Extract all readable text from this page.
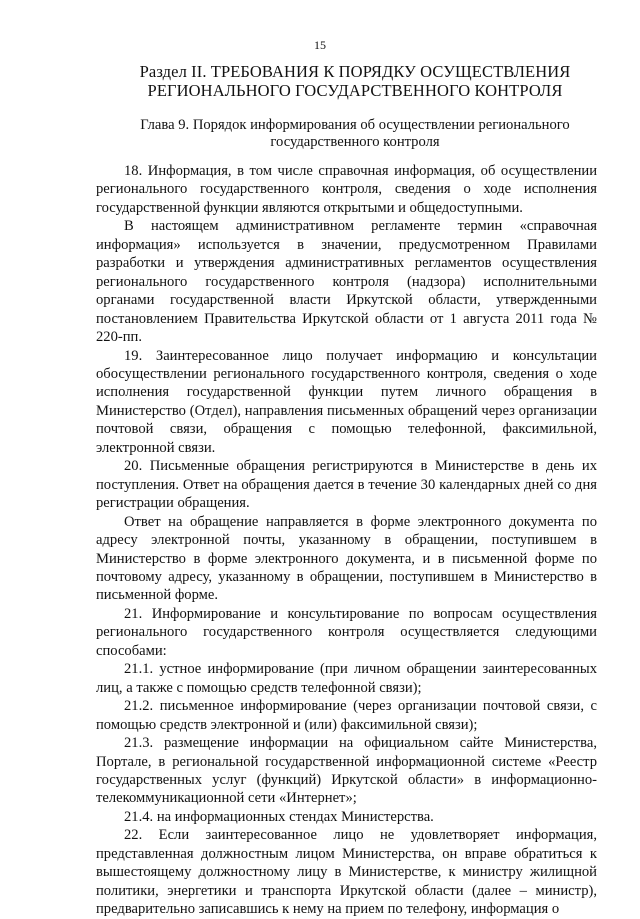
15
Раздел II. ТРЕБОВАНИЯ К ПОРЯДКУ ОСУЩЕСТВЛЕНИЯ РЕГИОНАЛЬНОГО ГОСУДАРСТВЕННОГО КОНТРОЛЯ
Глава 9. Порядок информирования об осуществлении регионального государственного контроля

18. Информация, в том числе справочная информация, об осуществлении регионального государственного контроля, сведения о ходе исполнения государственной функции являются открытыми и общедоступными.

В настоящем административном регламенте термин «справочная информация» используется в значении, предусмотренном Правилами разработки и утверждения административных регламентов осуществления регионального государственного контроля (надзора) исполнительными органами государственной власти Иркутской области, утвержденными постановлением Правительства Иркутской области от 1 августа 2011 года № 220-пп.

19. Заинтересованное лицо получает информацию и консультации обосуществлении регионального государственного контроля, сведения о ходе исполнения государственной функции путем личного обращения в Министерство (Отдел), направления письменных обращений через организации почтовой связи, обращения с помощью телефонной, факсимильной, электронной связи.

20. Письменные обращения регистрируются в Министерстве в день их поступления. Ответ на обращения дается в течение 30 календарных дней со дня регистрации обращения.

Ответ на обращение направляется в форме электронного документа по адресу электронной почты, указанному в обращении, поступившем в Министерство в форме электронного документа, и в письменной форме по почтовому адресу, указанному в обращении, поступившем в Министерство в письменной форме.

21. Информирование и консультирование по вопросам осуществления регионального государственного контроля осуществляется следующими способами:

21.1. устное информирование (при личном обращении заинтересованных лиц, а также с помощью средств телефонной связи);

21.2. письменное информирование (через организации почтовой связи, с помощью средств электронной и (или) факсимильной связи);

21.3. размещение информации на официальном сайте Министерства, Портале, в региональной государственной информационной системе «Реестр государственных услуг (функций) Иркутской области» в информационно-телекоммуникационной сети «Интернет»;

21.4. на информационных стендах Министерства.

22. Если заинтересованное лицо не удовлетворяет информация, представленная должностным лицом Министерства, он вправе обратиться к вышестоящему должностному лицу в Министерстве, к министру жилищной политики, энергетики и транспорта Иркутской области (далее – министр), предварительно записавшись к нему на прием по телефону, информация о
